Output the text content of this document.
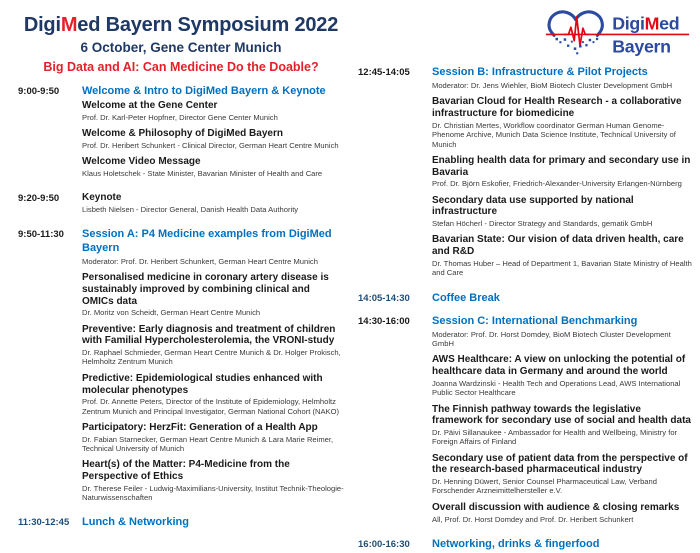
DigiMed Bayern Symposium 2022
6 October, Gene Center Munich
Big Data and AI: Can Medicine Do the Doable?
9:00-9:50	Welcome & Intro to DigiMed Bayern & Keynote
Welcome at the Gene Center
Prof. Dr. Karl-Peter Hopfner, Director Gene Center Munich
Welcome & Philosophy of DigiMed Bayern
Prof. Dr. Heribert Schunkert - Clinical Director, German Heart Centre Munich
Welcome Video Message
Klaus Holetschek - State Minister, Bavarian Minister of Health and Care
9:20-9:50	Keynote
Lisbeth Nielsen - Director General, Danish Health Data Authority
9:50-11:30	Session A: P4 Medicine examples from DigiMed Bayern
Moderator: Prof. Dr. Heribert Schunkert, German Heart Centre Munich
Personalised medicine in coronary artery disease is sustainably improved by combining clinical and OMICs data
Dr. Moritz von Scheidt, German Heart Centre Munich
Preventive: Early diagnosis and treatment of children with Familial Hypercholesterolemia, the VRONI-study
Dr. Raphael Schmieder, German Heart Centre Munich & Dr. Holger Prokisch, Helmholtz Zentrum Munich
Predictive: Epidemiological studies enhanced with molecular phenotypes
Prof. Dr. Annette Peters, Director of the Institute of Epidemiology, Helmholtz Zentrum Munich and Principal Investigator, German National Cohort (NAKO)
Participatory: HerzFit: Generation of a Health App
Dr. Fabian Starnecker, German Heart Centre Munich & Lara Marie Reimer, Technical University of Munich
Heart(s) of the Matter: P4-Medicine from the Perspective of Ethics
Dr. Therese Feiler - Ludwig-Maximilians-University, Institut Technik-Theologie-Naturwissenschaften
11:30-12:45	Lunch & Networking
DigiMed
Bayern
12:45-14:05	Session B: Infrastructure & Pilot Projects
Moderator: Dr. Jens Wiehler, BioM Biotech Cluster Development GmbH
Bavarian Cloud for Health Research - a collaborative infrastructure for biomedicine
Dr. Christian Mertes, Workflow coordinator German Human Genome-Phenome Archive, Munich Data Science Institute, Technical University of Munich
Enabling health data for primary and secondary use in Bavaria
Prof. Dr. Björn Eskofier, Friedrich-Alexander-University Erlangen-Nürnberg
Secondary data use supported by national infrastructure
Stefan Höcherl - Director Strategy and Standards, gematik GmbH
Bavarian State: Our vision of data driven health, care and R&D
Dr. Thomas Huber – Head of Department 1, Bavarian State Ministry of Health and Care
14:05-14:30	Coffee Break
14:30-16:00	Session C: International Benchmarking
Moderator: Prof. Dr. Horst Domdey, BioM Biotech Cluster Development GmbH
AWS Healthcare: A view on unlocking the potential of healthcare data in Germany and around the world
Joanna Wardzinski - Health Tech and Operations Lead, AWS International Public Sector Healthcare
The Finnish pathway towards the legislative framework for secondary use of social and health data
Dr. Päivi Sillanaukee - Ambassador for Health and Wellbeing, Ministry for Foreign Affairs of Finland
Secondary use of patient data from the perspective of the research-based pharmaceutical industry
Dr. Henning Düwert, Senior Counsel Pharmaceutical Law, Verband Forschender Arzneimittelhersteller e.V.
Overall discussion with audience & closing remarks
All, Prof. Dr. Horst Domdey and Prof. Dr. Heribert Schunkert
16:00-16:30	Networking, drinks & fingerfood
